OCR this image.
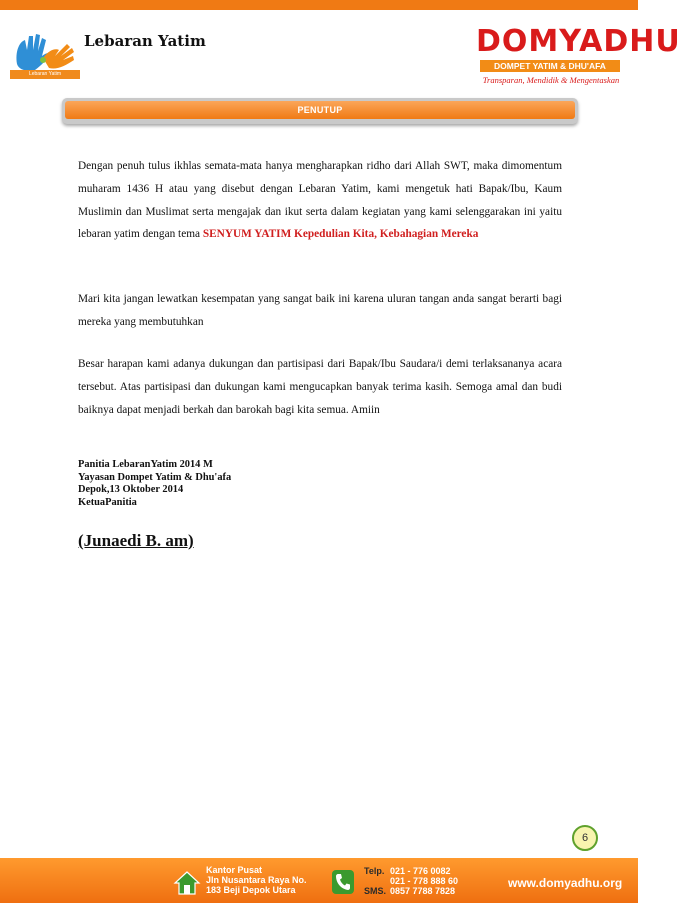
Lebaran Yatim
Lebaran Yatim	DOMYADHU
DOMPET YATIM & DHU'AFA
Transparan, Mendidik & Mengentaskan
PENUTUP
Dengan penuh tulus ikhlas semata-mata hanya mengharapkan ridho dari Allah SWT, maka dimomentum muharam 1436 H atau yang disebut dengan Lebaran Yatim, kami mengetuk hati Bapak/Ibu, Kaum Muslimin dan Muslimat serta mengajak dan ikut serta dalam kegiatan yang kami selenggarakan ini yaitu lebaran yatim dengan tema SENYUM YATIM Kepedulian Kita, Kebahagian Mereka
Mari kita jangan lewatkan kesempatan yang sangat baik ini karena uluran tangan anda sangat berarti bagi mereka yang membutuhkan
Besar harapan kami adanya dukungan dan partisipasi dari Bapak/Ibu Saudara/i demi terlaksananya acara tersebut. Atas partisipasi dan dukungan kami mengucapkan banyak terima kasih. Semoga amal dan budi baiknya dapat menjadi berkah dan barokah bagi kita semua. Amiin
Panitia LebaranYatim 2014 M
Yayasan Dompet Yatim & Dhu'afa
Depok,13 Oktober 2014
KetuaPanitia
(Junaedi B. am)
6
Kantor Pusat
Jln Nusantara Raya No.
183 Beji Depok Utara
Telp.

SMS.
021 - 776 0082
021 - 778 888 60
0857 7788 7828
www.domyadhu.org
